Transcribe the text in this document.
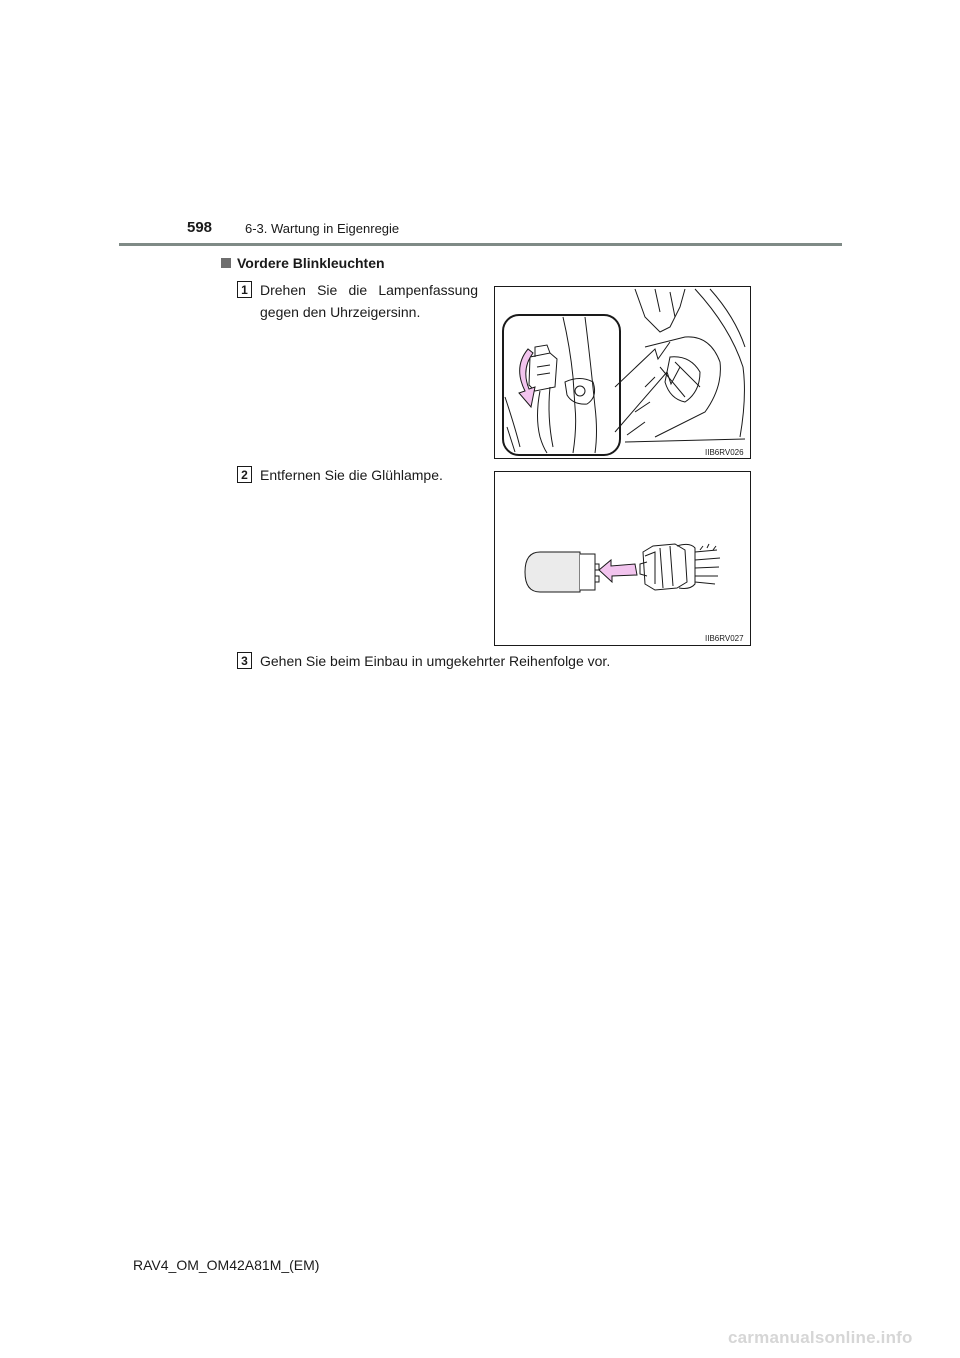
598	6-3. Wartung in Eigenregie
Vordere Blinkleuchten
1 Drehen Sie die Lampenfassung gegen den Uhrzeigersinn.
IIB6RV026
2 Entfernen Sie die Glühlampe.
IIB6RV027
3 Gehen Sie beim Einbau in umgekehrter Reihenfolge vor.
RAV4_OM_OM42A81M_(EM)
carmanualsonline.info
